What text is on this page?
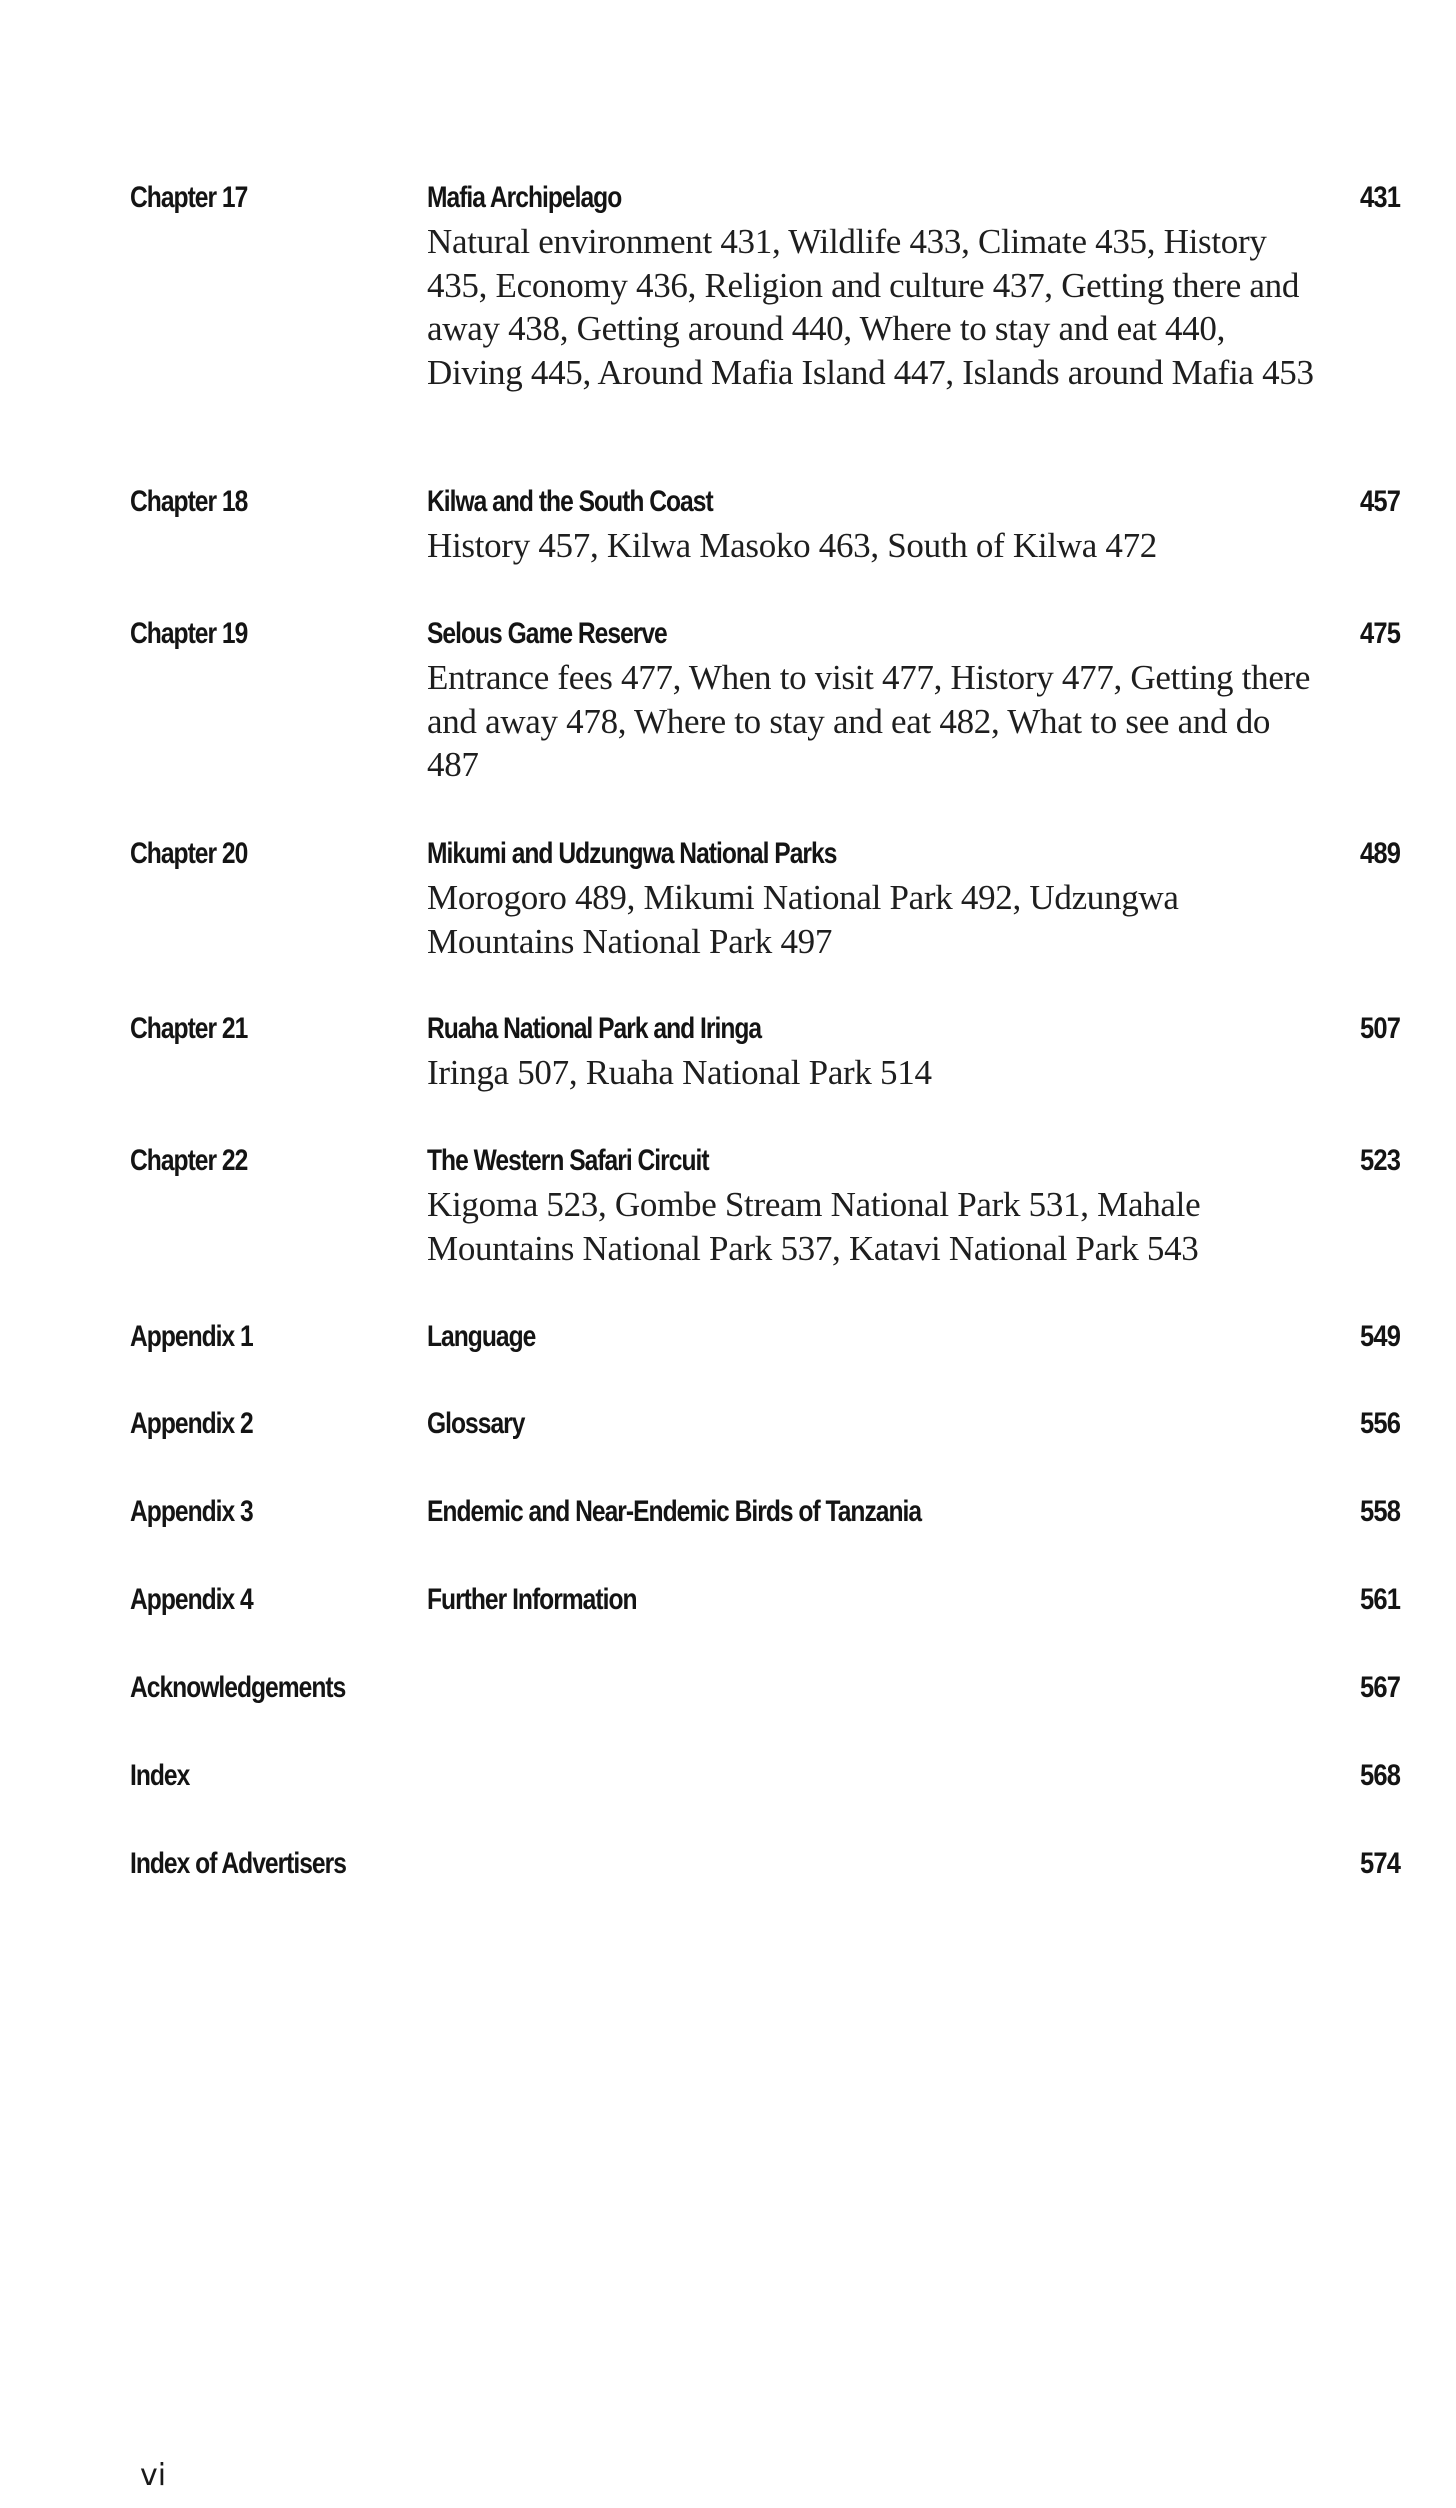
Chapter 17	Mafia Archipelago	431
Natural environment 431, Wildlife 433, Climate 435, History 435, Economy 436, Religion and culture 437, Getting there and away 438, Getting around 440, Where to stay and eat 440, Diving 445, Around Mafia Island 447, Islands around Mafia 453
Chapter 18	Kilwa and the South Coast	457
History 457, Kilwa Masoko 463, South of Kilwa 472
Chapter 19	Selous Game Reserve	475
Entrance fees 477, When to visit 477, History 477, Getting there and away 478, Where to stay and eat 482, What to see and do 487
Chapter 20	Mikumi and Udzungwa National Parks	489
Morogoro 489, Mikumi National Park 492, Udzungwa Mountains National Park 497
Chapter 21	Ruaha National Park and Iringa	507
Iringa 507, Ruaha National Park 514
Chapter 22	The Western Safari Circuit	523
Kigoma 523, Gombe Stream National Park 531, Mahale Mountains National Park 537, Katavi National Park 543
Appendix 1	Language	549
Appendix 2	Glossary	556
Appendix 3	Endemic and Near-Endemic Birds of Tanzania	558
Appendix 4	Further Information	561
Acknowledgements	567
Index	568
Index of Advertisers	574
vi
